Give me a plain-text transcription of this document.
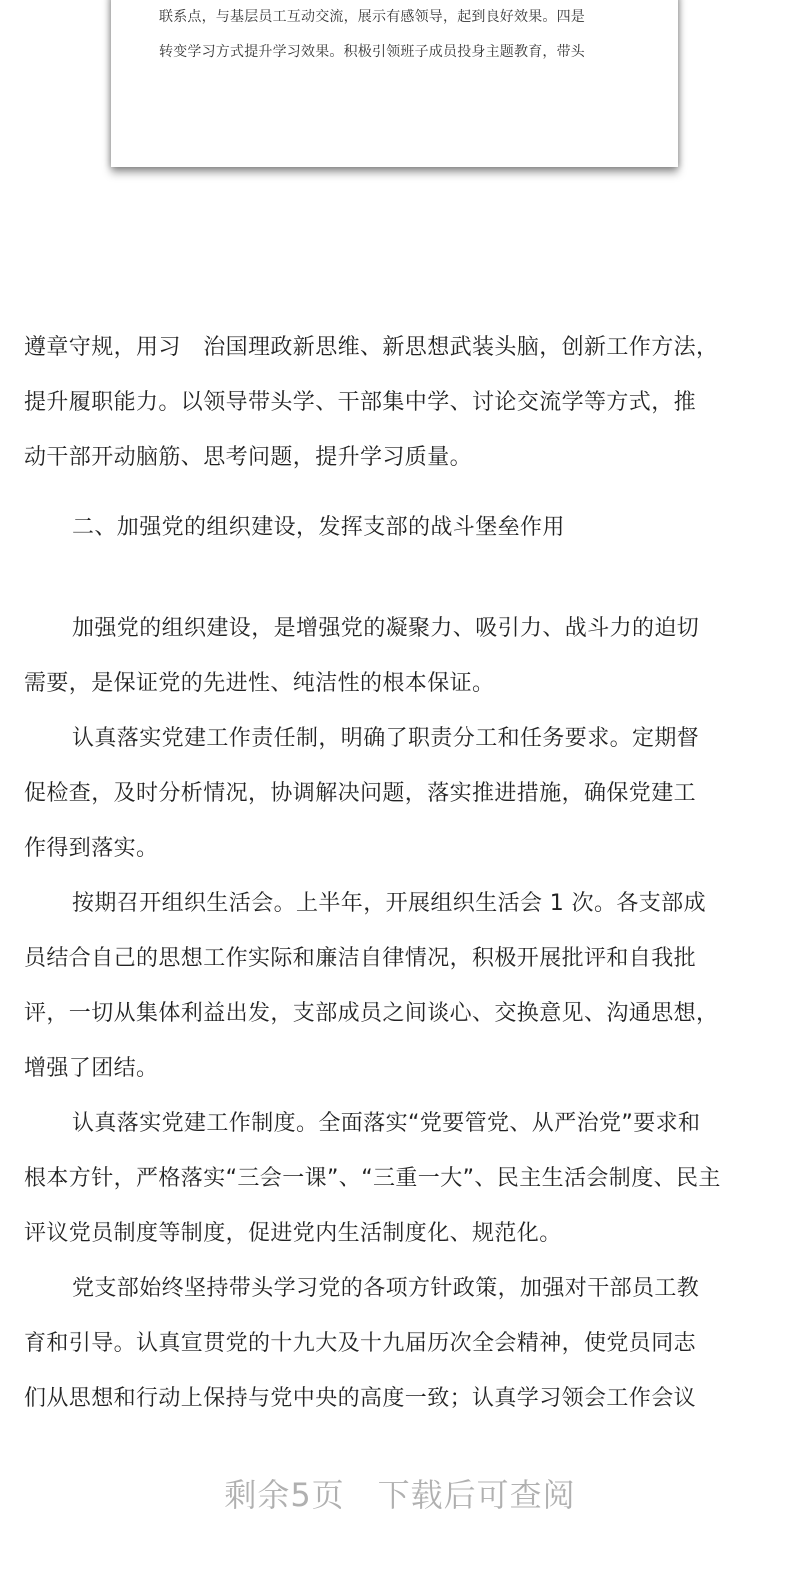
联系点，与基层员工互动交流，展示有感领导，起到良好效果。四是
转变学习方式提升学习效果。积极引领班子成员投身主题教育，带头
遵章守规，用习　治国理政新思维、新思想武装头脑，创新工作方法，
提升履职能力。以领导带头学、干部集中学、讨论交流学等方式，推
动干部开动脑筋、思考问题，提升学习质量。
二、加强党的组织建设，发挥支部的战斗堡垒作用
加强党的组织建设，是增强党的凝聚力、吸引力、战斗力的迫切
需要，是保证党的先进性、纯洁性的根本保证。
认真落实党建工作责任制，明确了职责分工和任务要求。定期督
促检查，及时分析情况，协调解决问题，落实推进措施，确保党建工
作得到落实。
按期召开组织生活会。上半年，开展组织生活会 1 次。各支部成
员结合自己的思想工作实际和廉洁自律情况，积极开展批评和自我批
评，一切从集体利益出发，支部成员之间谈心、交换意见、沟通思想，
增强了团结。
认真落实党建工作制度。全面落实“党要管党、从严治党”要求和
根本方针，严格落实“三会一课”、“三重一大”、民主生活会制度、民主
评议党员制度等制度，促进党内生活制度化、规范化。
党支部始终坚持带头学习党的各项方针政策，加强对干部员工教
育和引导。认真宣贯党的十九大及十九届历次全会精神，使党员同志
们从思想和行动上保持与党中央的高度一致；认真学习领会工作会议
剩余5页　下载后可查阅
